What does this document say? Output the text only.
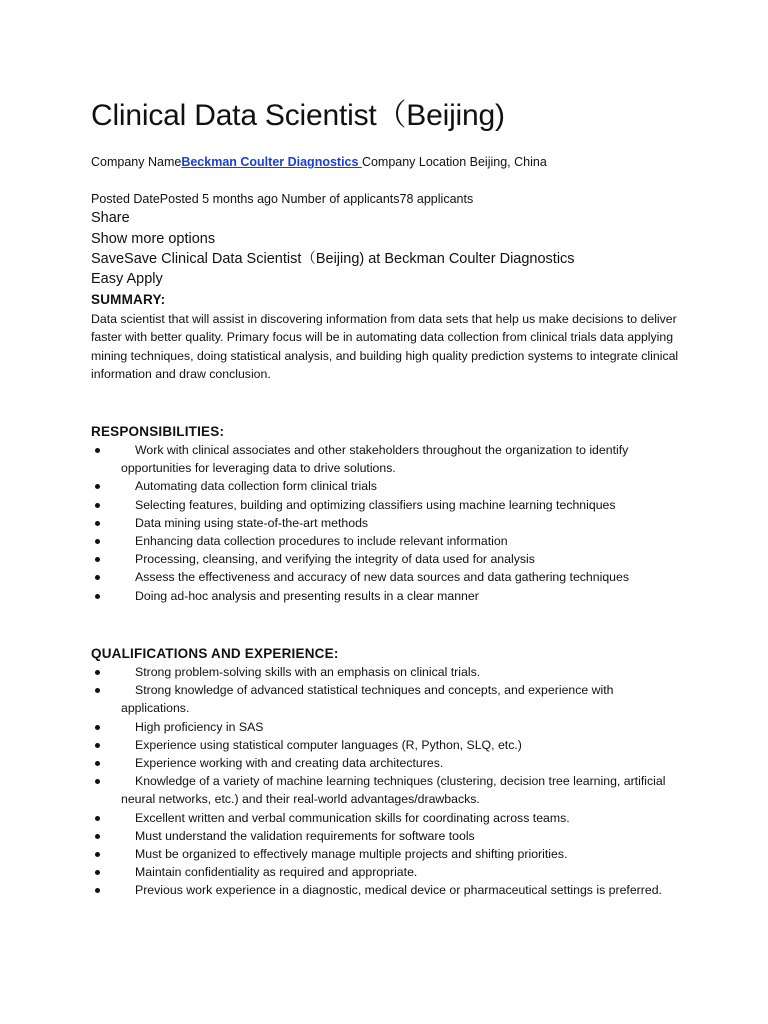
Clinical Data Scientist（Beijing)
Company NameBeckman Coulter Diagnostics Company Location Beijing, China
Posted DatePosted 5 months ago Number of applicants78 applicants
Share
Show more options
SaveSave Clinical Data Scientist（Beijing) at Beckman Coulter Diagnostics
Easy Apply
SUMMARY:
Data scientist that will assist in discovering information from data sets that help us make decisions to deliver faster with better quality. Primary focus will be in automating data collection from clinical trials data applying mining techniques, doing statistical analysis, and building high quality prediction systems to integrate clinical information and draw conclusion.
RESPONSIBILITIES:
Work with clinical associates and other stakeholders throughout the organization to identify opportunities for leveraging data to drive solutions.
Automating data collection form clinical trials
Selecting features, building and optimizing classifiers using machine learning techniques
Data mining using state-of-the-art methods
Enhancing data collection procedures to include relevant information
Processing, cleansing, and verifying the integrity of data used for analysis
Assess the effectiveness and accuracy of new data sources and data gathering techniques
Doing ad-hoc analysis and presenting results in a clear manner
QUALIFICATIONS AND EXPERIENCE:
Strong problem-solving skills with an emphasis on clinical trials.
Strong knowledge of advanced statistical techniques and concepts, and experience with applications.
High proficiency in SAS
Experience using statistical computer languages (R, Python, SLQ, etc.)
Experience working with and creating data architectures.
Knowledge of a variety of machine learning techniques (clustering, decision tree learning, artificial neural networks, etc.) and their real-world advantages/drawbacks.
Excellent written and verbal communication skills for coordinating across teams.
Must understand the validation requirements for software tools
Must be organized to effectively manage multiple projects and shifting priorities.
Maintain confidentiality as required and appropriate.
Previous work experience in a diagnostic, medical device or pharmaceutical settings is preferred.
